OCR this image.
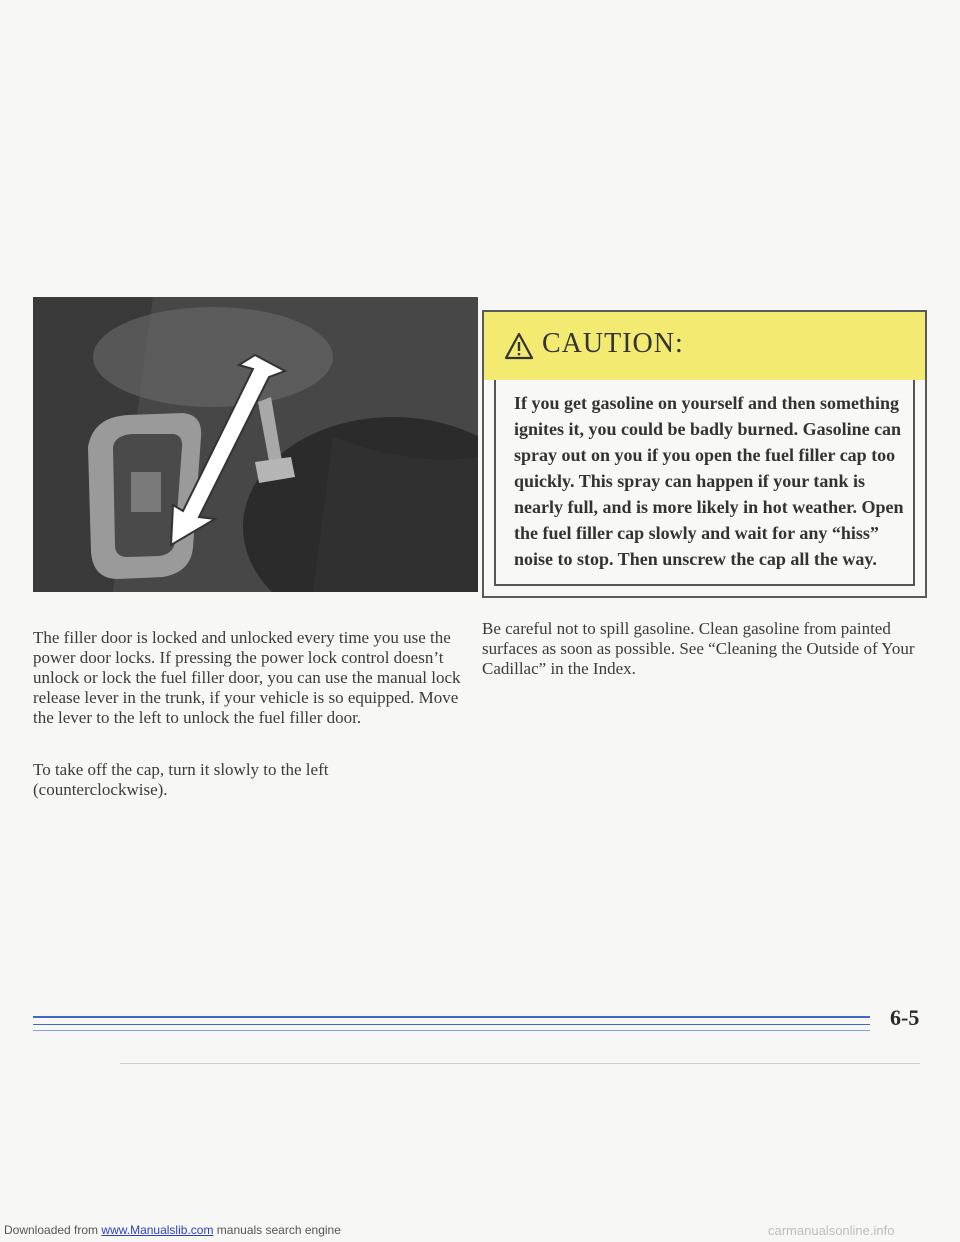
CAUTION:

If you get gasoline on yourself and then something ignites it, you could be badly burned. Gasoline can spray out on you if you open the fuel filler cap too quickly. This spray can happen if your tank is nearly full, and is more likely in hot weather. Open the fuel filler cap slowly and wait for any “hiss” noise to stop. Then unscrew the cap all the way.

The filler door is locked and unlocked every time you use the power door locks. If pressing the power lock control doesn’t unlock or lock the fuel filler door, you can use the manual lock release lever in the trunk, if your vehicle is so equipped. Move the lever to the left to unlock the fuel filler door.

To take off the cap, turn it slowly to the left (counterclockwise).

Be careful not to spill gasoline. Clean gasoline from painted surfaces as soon as possible. See “Cleaning the Outside of Your Cadillac” in the Index.

6-5
Downloaded from www.Manualslib.com manuals search engine	carmanualsonline.info
